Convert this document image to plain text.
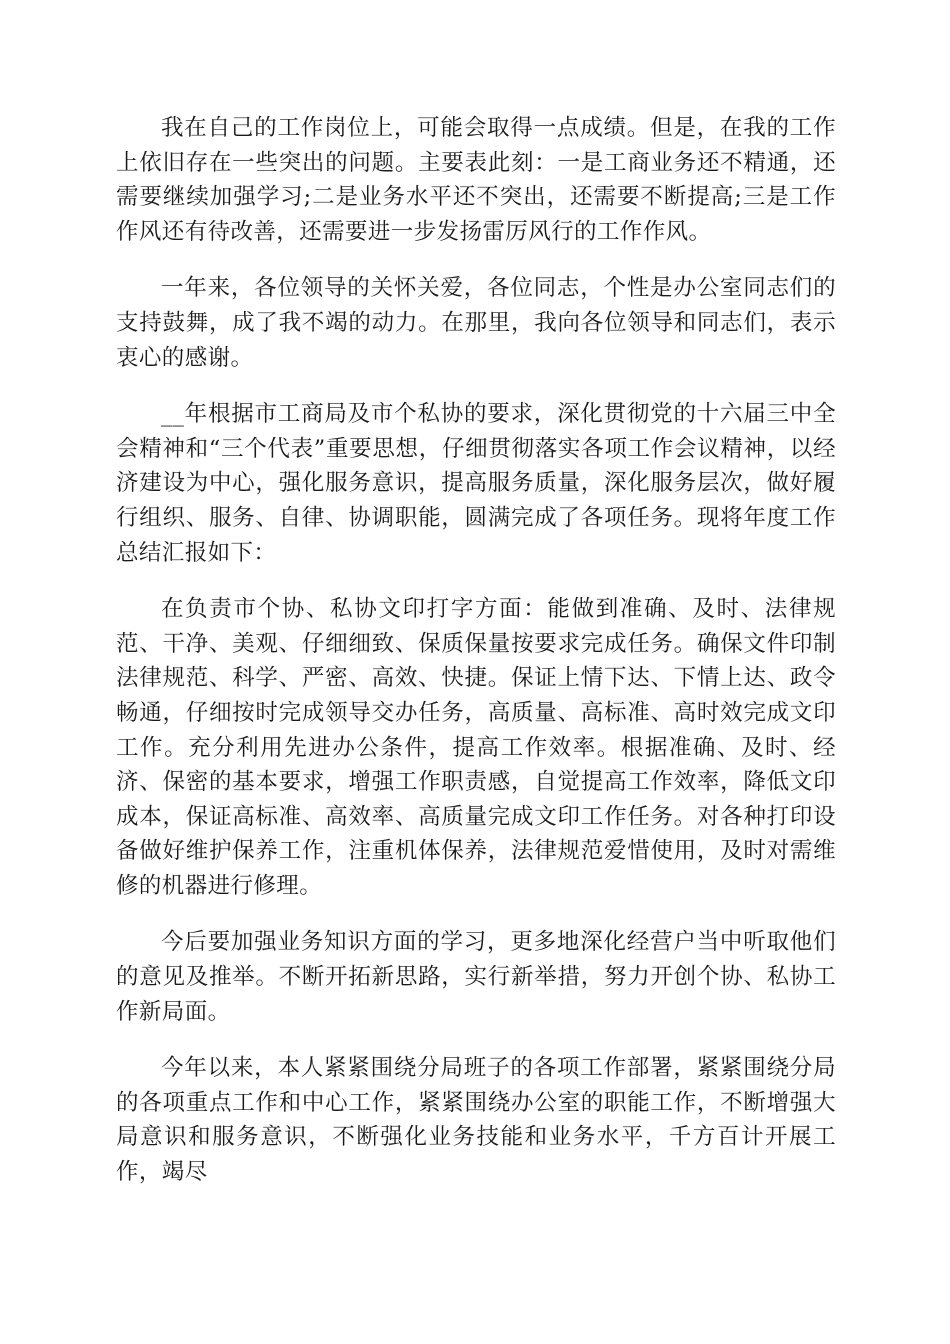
我在自己的工作岗位上，可能会取得一点成绩。但是，在我的工作上依旧存在一些突出的问题。主要表此刻：一是工商业务还不精通，还需要继续加强学习;二是业务水平还不突出，还需要不断提高;三是工作作风还有待改善，还需要进一步发扬雷厉风行的工作作风。

一年来，各位领导的关怀关爱，各位同志，个性是办公室同志们的支持鼓舞，成了我不竭的动力。在那里，我向各位领导和同志们，表示衷心的感谢。

__年根据市工商局及市个私协的要求，深化贯彻党的十六届三中全会精神和“三个代表”重要思想，仔细贯彻落实各项工作会议精神，以经济建设为中心，强化服务意识，提高服务质量，深化服务层次，做好履行组织、服务、自律、协调职能，圆满完成了各项任务。现将年度工作总结汇报如下：

在负责市个协、私协文印打字方面：能做到准确、及时、法律规范、干净、美观、仔细细致、保质保量按要求完成任务。确保文件印制法律规范、科学、严密、高效、快捷。保证上情下达、下情上达、政令畅通，仔细按时完成领导交办任务，高质量、高标准、高时效完成文印工作。充分利用先进办公条件，提高工作效率。根据准确、及时、经济、保密的基本要求，增强工作职责感，自觉提高工作效率，降低文印成本，保证高标准、高效率、高质量完成文印工作任务。对各种打印设备做好维护保养工作，注重机体保养，法律规范爱惜使用，及时对需维修的机器进行修理。

今后要加强业务知识方面的学习，更多地深化经营户当中听取他们的意见及推举。不断开拓新思路，实行新举措，努力开创个协、私协工作新局面。

今年以来，本人紧紧围绕分局班子的各项工作部署，紧紧围绕分局的各项重点工作和中心工作，紧紧围绕办公室的职能工作，不断增强大局意识和服务意识，不断强化业务技能和业务水平，千方百计开展工作，竭尽
